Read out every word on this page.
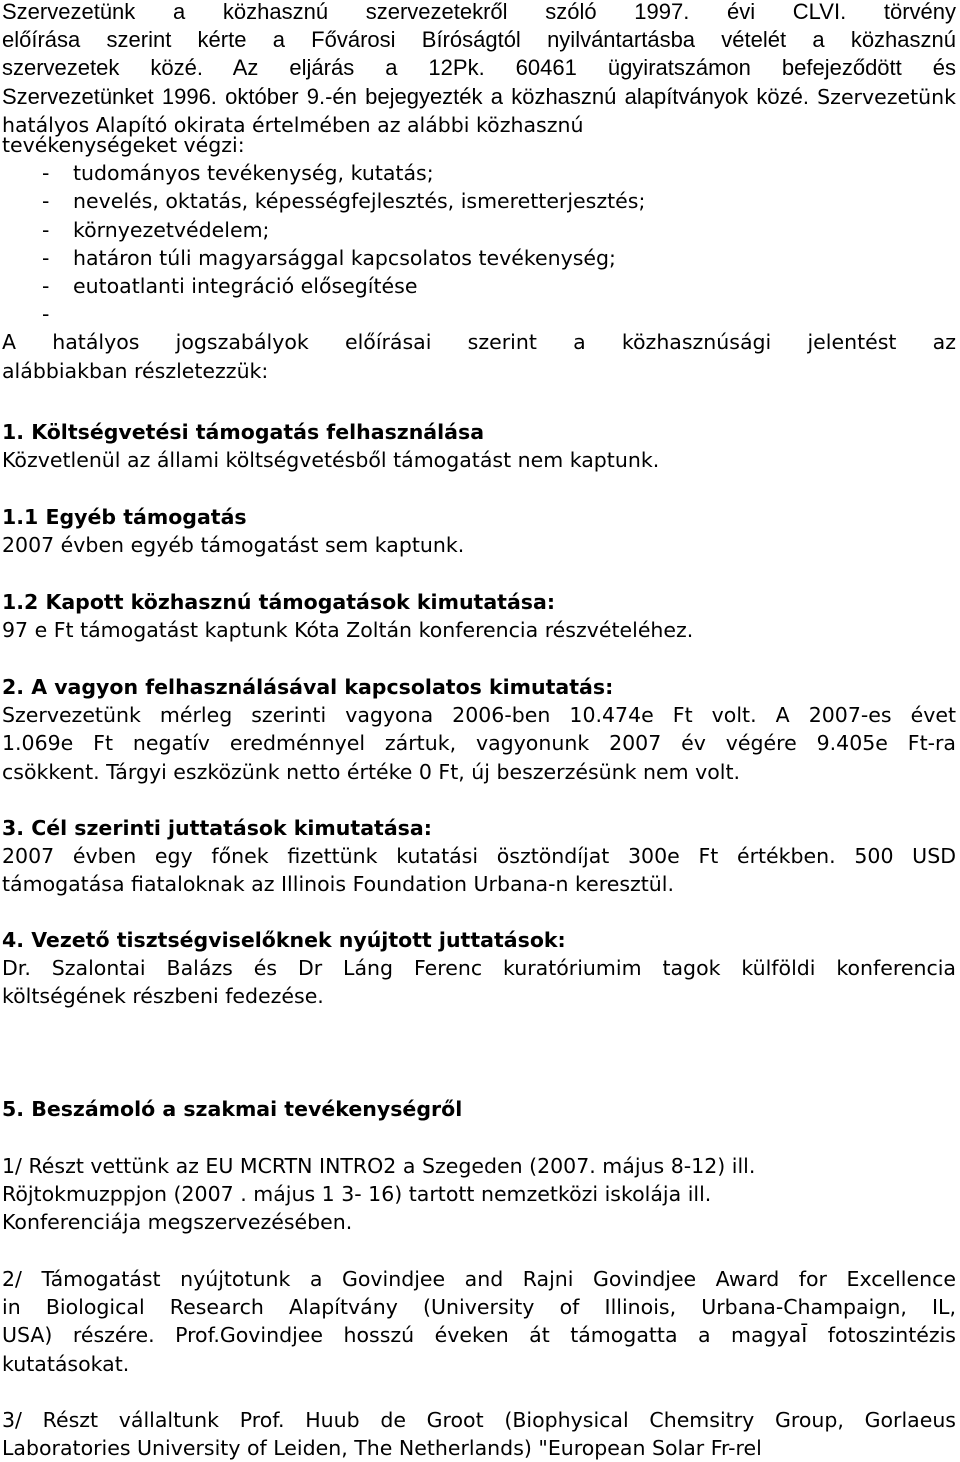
Szervezetünk a közhasznú szervezetekről szóló 1997. évi CLVI. törvény
előírása szerint kérte a Fővárosi Bíróságtól nyilvántartásba vételét a közhasznú
szervezetek közé. Az eljárás a 12Pk. 60461 ügyiratszámon befejeződött és
Szervezetünket 1996. október 9.-én bejegyezték a közhasznú alapítványok közé. Szervezetünk hatályos Alapító okirata értelmében az alábbi közhasznú
tevékenységeket végzi:
- tudományos tevékenység, kutatás;
- nevelés, oktatás, képességfejlesztés, ismeretterjesztés;
- környezetvédelem;
- határon túli magyarsággal kapcsolatos tevékenység;
- eutoatlanti integráció elősegítése
-
A hatályos jogszabályok előírásai szerint a közhasznúsági jelentést az
alábbiakban részletezzük:
1. Költségvetési támogatás felhasználása
Közvetlenül az állami költségvetésből támogatást nem kaptunk.
1.1 Egyéb támogatás
2007 évben egyéb támogatást sem kaptunk.
1.2 Kapott közhasznú támogatások kimutatása:
97 e Ft támogatást kaptunk Kóta Zoltán konferencia részvételéhez.
2. A vagyon felhasználásával kapcsolatos kimutatás:
Szervezetünk mérleg szerinti vagyona 2006-ben 10.474e Ft volt. A 2007-es évet
1.069e Ft negatív eredménnyel zártuk, vagyonunk 2007 év végére 9.405e Ft-ra
csökkent. Tárgyi eszközünk netto értéke 0 Ft, új beszerzésünk nem volt.
3. Cél szerinti juttatások kimutatása:
2007 évben egy főnek fizettünk kutatási ösztöndíjat 300e Ft értékben. 500 USD
támogatása fiataloknak az Illinois Foundation Urbana-n keresztül.
4. Vezető tisztségviselőknek nyújtott juttatások:
Dr. Szalontai Balázs és Dr Láng Ferenc kuratóriumim tagok külföldi konferencia
költségének részbeni fedezése.
5. Beszámoló a szakmai tevékenységről
1/ Részt vettünk az EU MCRTN INTRO2 a Szegeden (2007. május 8-12) ill.
Röjtokmuzppjon (2007 . május 1 3- 16) tartott nemzetközi iskolája ill.
Konferenciája megszervezésében.
2/ Támogatást nyújtotunk a Govindjee and Rajni Govindjee Award for Excellence
in Biological Research Alapítvány (University of Illinois, Urbana-Champaign, IL,
USA) részére. Prof.Govindjee hosszú éveken át támogatta a magyaĪ fotoszintézis
kutatásokat.
3/ Részt vállaltunk Prof. Huub de Groot (Biophysical Chemsitry Group, Gorlaeus
Laboratories University of Leiden, The Netherlands) "European Solar Fr-rel
